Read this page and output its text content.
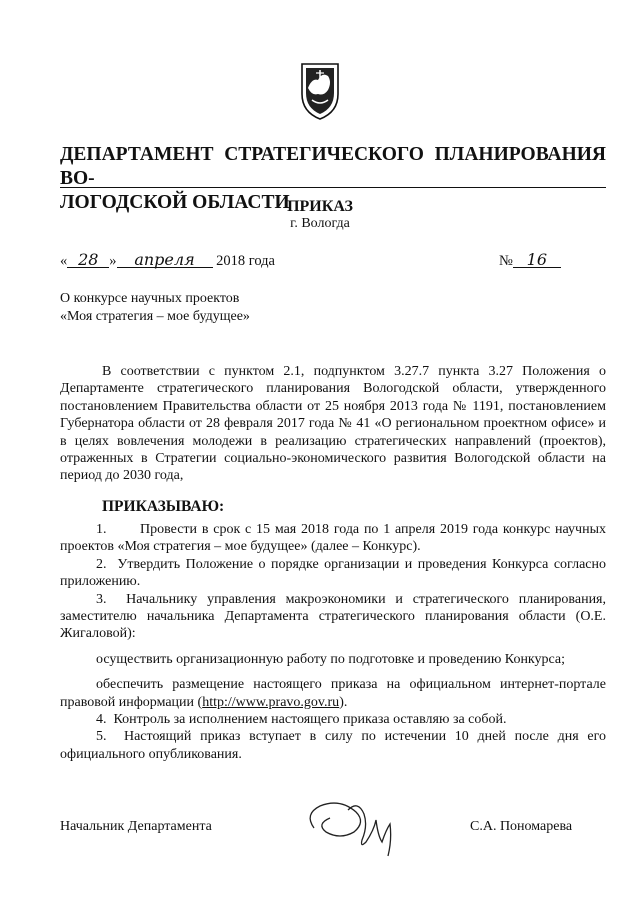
ДЕПАРТАМЕНТ СТРАТЕГИЧЕСКОГО ПЛАНИРОВАНИЯ ВО-
ЛОГОДСКОЙ ОБЛАСТИ
ПРИКАЗ
г. Вологда
« 28 » апреля 2018 года	№ 16
О конкурсе научных проектов
«Моя стратегия – мое будущее»
В соответствии с пунктом 2.1, подпунктом 3.27.7 пункта 3.27 Положения о Департаменте стратегического планирования Вологодской области, утвержденного постановлением Правительства области от 25 ноября 2013 года № 1191, постановлением Губернатора области от 28 февраля 2017 года № 41 «О региональном проектном офисе» и в целях вовлечения молодежи в реализацию стратегических направлений (проектов), отраженных в Стратегии социально-экономического развития Вологодской области на период до 2030 года,
ПРИКАЗЫВАЮ:

1.       Провести в срок с 15 мая 2018 года по 1 апреля 2019 года конкурс научных проектов «Моя стратегия – мое будущее» (далее – Конкурс).

2.  Утвердить Положение о порядке организации и проведения Конкурса согласно приложению.

3.  Начальнику управления макроэкономики и стратегического планирования, заместителю начальника Департамента стратегического планирования области (О.Е. Жигаловой):

осуществить организационную работу по подготовке и проведению Конкурса;

обеспечить размещение настоящего приказа на официальном интернет-портале правовой информации (http://www.pravo.gov.ru).

4.  Контроль за исполнением настоящего приказа оставляю за собой.

5.  Настоящий приказ вступает в силу по истечении 10 дней после дня его официального опубликования.

Начальник Департамента	С.А. Пономарева
